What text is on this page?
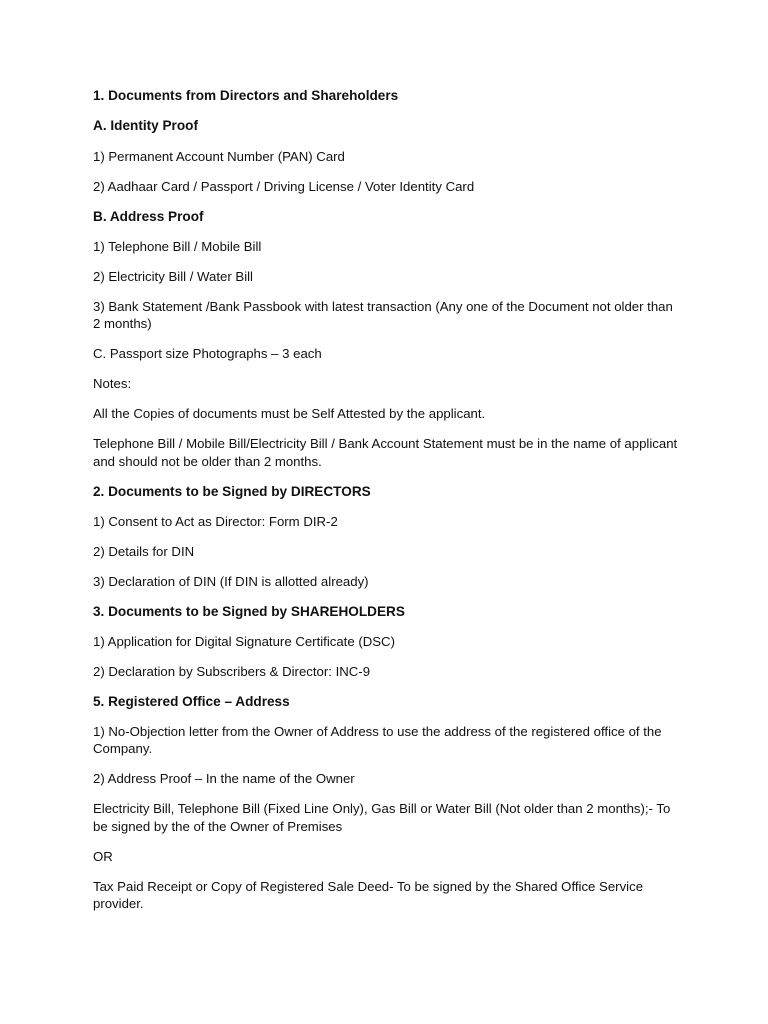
1. Documents from Directors and Shareholders

A. Identity Proof

1) Permanent Account Number (PAN) Card

2) Aadhaar Card / Passport / Driving License / Voter Identity Card

B. Address Proof

1) Telephone Bill / Mobile Bill

2) Electricity Bill / Water Bill

3) Bank Statement /Bank Passbook with latest transaction (Any one of the Document not older than 2 months)

C. Passport size Photographs – 3 each

Notes:

All the Copies of documents must be Self Attested by the applicant.

Telephone Bill / Mobile Bill/Electricity Bill / Bank Account Statement must be in the name of applicant and should not be older than 2 months.

2. Documents to be Signed by DIRECTORS

1) Consent to Act as Director: Form DIR-2

2) Details for DIN

3) Declaration of DIN (If DIN is allotted already)

3. Documents to be Signed by SHAREHOLDERS

1) Application for Digital Signature Certificate (DSC)

2) Declaration by Subscribers & Director: INC-9

5. Registered Office – Address

1) No-Objection letter from the Owner of Address to use the address of the registered office of the Company.

2) Address Proof – In the name of the Owner

Electricity Bill, Telephone Bill (Fixed Line Only), Gas Bill or Water Bill (Not older than 2 months);- To be signed by the of the Owner of Premises

OR

Tax Paid Receipt or Copy of Registered Sale Deed- To be signed by the Shared Office Service provider.
